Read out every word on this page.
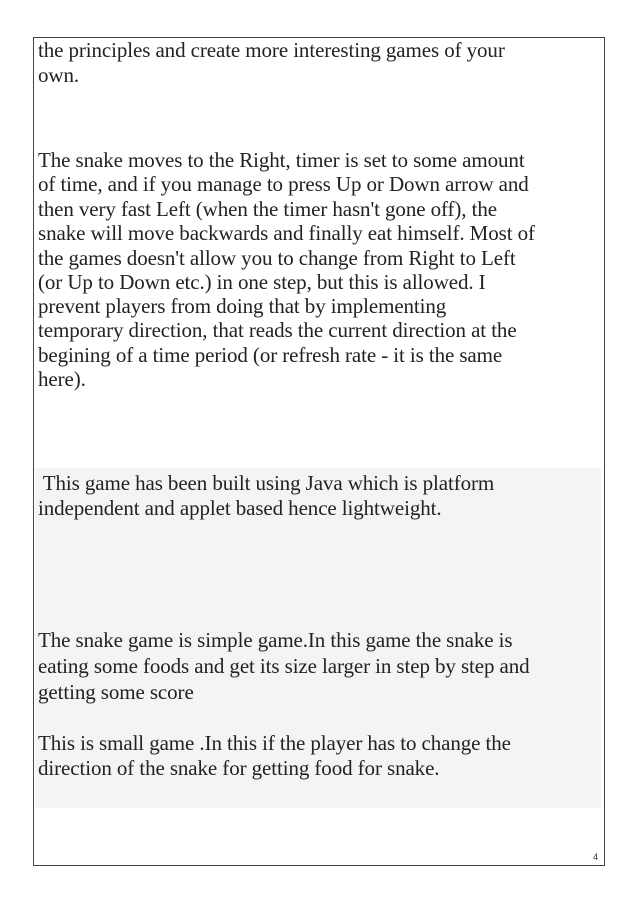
the principles and create more interesting games of your
own.
The snake moves to the Right, timer is set to some amount
of time, and if you manage to press Up or Down arrow and
then very fast Left (when the timer hasn't gone off), the
snake will move backwards and finally eat himself. Most of
the games doesn't allow you to change from Right to Left
(or Up to Down etc.) in one step, but this is allowed. I
prevent players from doing that by implementing
temporary direction, that reads the current direction at the
begining of a time period (or refresh rate - it is the same
here).
This game has been built using Java which is platform
independent and applet based hence lightweight.
The snake game is simple game.In this game the snake is
eating some foods and get its size larger in step by step and
getting some score
This is small game .In this if the player has to change the
direction of the snake for getting food for snake.
4
